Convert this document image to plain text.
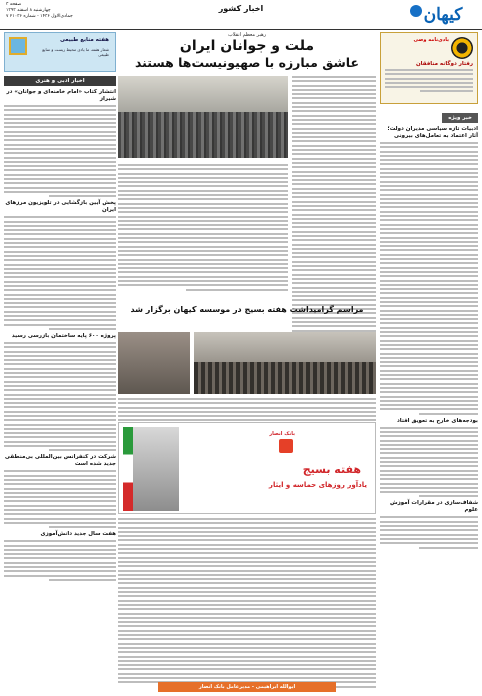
کیهان
اخبار کشور
صفحه ۳
چهارشنبه ۸ اسفند ۱۳۹۳
۷ جمادی‌الاول ۱۴۳۶ - شماره ۲۱۰۳۶
یادی‌نامه وصی
رفتار دوگانه منافقان
خبر ویژه
ادبیات تازه سیاسی مدیران دولت؛ آثار اعتماد به تعامل‌های بیرونی
بودجه‌های خارج به تعویق افتاد
شفاف‌سازی در مقرارات آموزش علوم
رهبر معظم انقلاب
ملت و جوانان ایران
عاشق مبارزه با صهیونیست‌ها هستند
هفته منابع طبیعی
شعار هفته، ما یادی محیط زیست و منابع طبیعی
اخبار ادبی و هنری
انتشار کتاب «امام خامنه‌ای و جوانان» در شیراز
پخش آیین بازگشایی در تلویزیون مرزهای ایران
پروژه ۶۰۰ پایه ساختمان بازرسی رسید
شرکت در کنفرانس بین‌المللی بی‌منطقی جدید شده است
هفت سال جدید دانش‌آموزی
مراسم گرامیداشت هفته بسیج در موسسه کیهان برگزار شد
بانک انصار
هفته بسیج
یادآور روزهای حماسه و ایثار
ایوالله ابراهیمی - مدیرعامل بانک انصار
